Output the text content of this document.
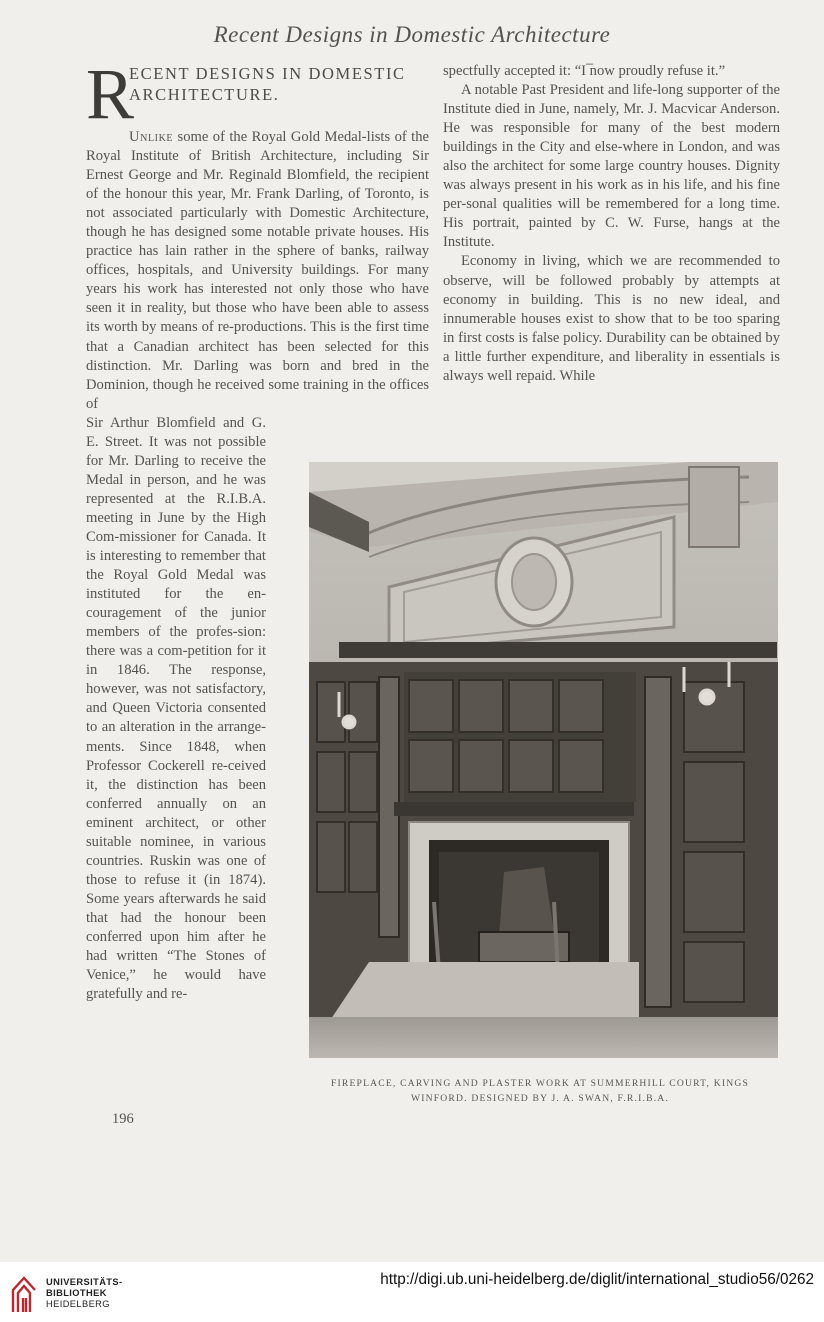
Recent Designs in Domestic Architecture
R
ECENT DESIGNS IN DOMESTIC
ARCHITECTURE.

Unlike some of the Royal Gold Medal-lists of the Royal Institute of British Architecture, including Sir Ernest George and Mr. Reginald Blomfield, the recipient of the honour this year, Mr. Frank Darling, of Toronto, is not associated particularly with Domestic Architecture, though he has designed some notable private houses. His practice has lain rather in the sphere of banks, railway offices, hospitals, and University buildings. For many years his work has interested not only those who have seen it in reality, but those who have been able to assess its worth by means of re-productions. This is the first time that a Canadian architect has been selected for this distinction. Mr. Darling was born and bred in the Dominion, though he received some training in the offices of

Sir Arthur Blomfield and G. E. Street. It was not possible for Mr. Darling to receive the Medal in person, and he was represented at the R.I.B.A. meeting in June by the High Com-missioner for Canada. It is interesting to remember that the Royal Gold Medal was instituted for the en-couragement of the junior members of the profes-sion: there was a com-petition for it in 1846. The response, however, was not satisfactory, and Queen Victoria consented to an alteration in the arrange-ments. Since 1848, when Professor Cockerell re-ceived it, the distinction has been conferred annually on an eminent architect, or other suitable nominee, in various countries. Ruskin was one of those to refuse it (in 1874). Some years afterwards he said that had the honour been conferred upon him after he had written “The Stones of Venice,” he would have gratefully and re-

196

spectfully accepted it: “I ̅now proudly refuse it.”

A notable Past President and life-long supporter of the Institute died in June, namely, Mr. J. Macvicar Anderson. He was responsible for many of the best modern buildings in the City and else-where in London, and was also the architect for some large country houses. Dignity was always present in his work as in his life, and his fine per-sonal qualities will be remembered for a long time. His portrait, painted by C. W. Furse, hangs at the Institute.

Economy in living, which we are recommended to observe, will be followed probably by attempts at economy in building. This is no new ideal, and innumerable houses exist to show that to be too sparing in first costs is false policy. Durability can be obtained by a little further expenditure, and liberality in essentials is always well repaid. While

FIREPLACE, CARVING AND PLASTER WORK AT SUMMERHILL COURT, KINGS
WINFORD. DESIGNED BY J. A. SWAN, F.R.I.B.A.
UNIVERSITÄTS-
BIBLIOTHEK
HEIDELBERG
http://digi.ub.uni-heidelberg.de/diglit/international_studio56/0262
